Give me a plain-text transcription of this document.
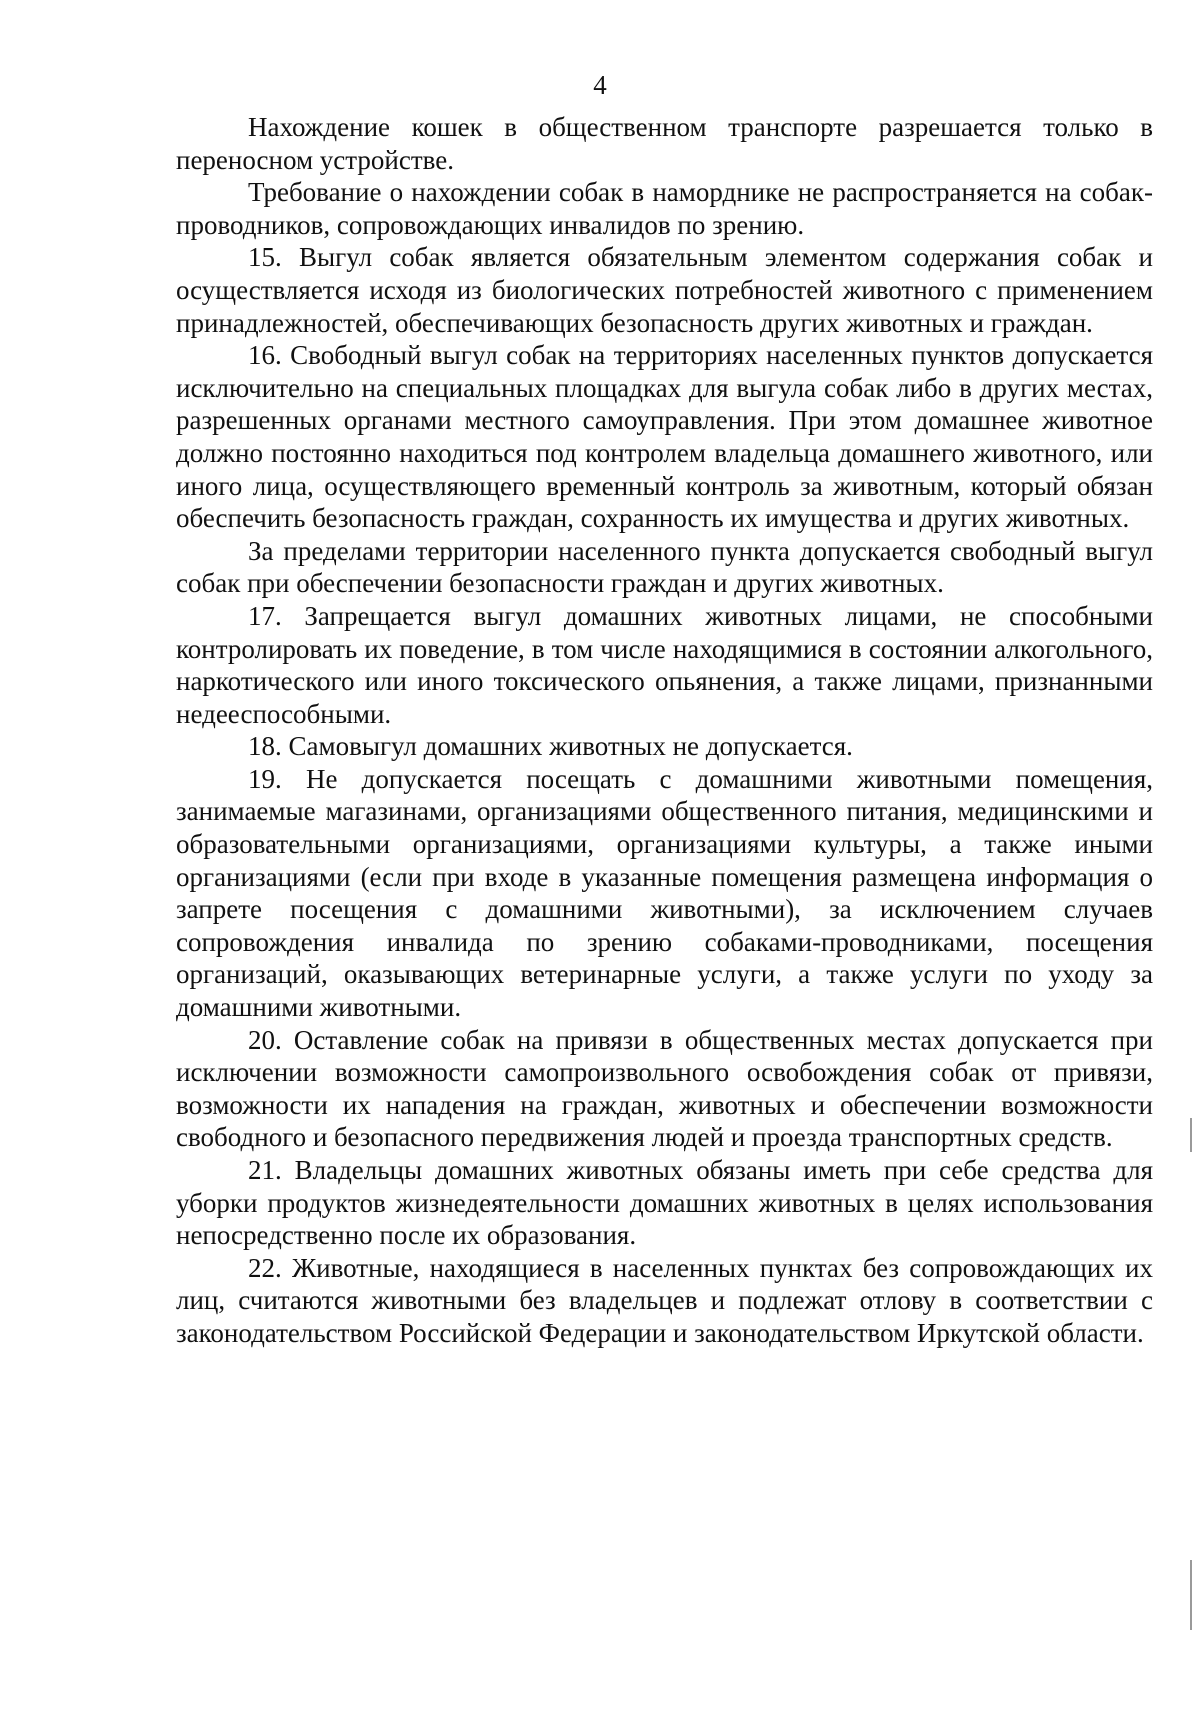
4

Нахождение кошек в общественном транспорте разрешается только в переносном устройстве.

Требование о нахождении собак в наморднике не распространяется на собак-проводников, сопровождающих инвалидов по зрению.

15. Выгул собак является обязательным элементом содержания собак и осуществляется исходя из биологических потребностей животного с применением принадлежностей, обеспечивающих безопасность других животных и граждан.

16. Свободный выгул собак на территориях населенных пунктов допускается исключительно на специальных площадках для выгула собак либо в других местах, разрешенных органами местного самоуправления. При этом домашнее животное должно постоянно находиться под контролем владельца домашнего животного, или иного лица, осуществляющего временный контроль за животным, который обязан обеспечить безопасность граждан, сохранность их имущества и других животных.

За пределами территории населенного пункта допускается свободный выгул собак при обеспечении безопасности граждан и других животных.

17. Запрещается выгул домашних животных лицами, не способными контролировать их поведение, в том числе находящимися в состоянии алкогольного, наркотического или иного токсического опьянения, а также лицами, признанными недееспособными.

18. Самовыгул домашних животных не допускается.

19. Не допускается посещать с домашними животными помещения, занимаемые магазинами, организациями общественного питания, медицинскими и образовательными организациями, организациями культуры, а также иными организациями (если при входе в указанные помещения размещена информация о запрете посещения с домашними животными), за исключением случаев сопровождения инвалида по зрению собаками-проводниками, посещения организаций, оказывающих ветеринарные услуги, а также услуги по уходу за домашними животными.

20. Оставление собак на привязи в общественных местах допускается при исключении возможности самопроизвольного освобождения собак от привязи, возможности их нападения на граждан, животных и обеспечении возможности свободного и безопасного передвижения людей и проезда транспортных средств.

21. Владельцы домашних животных обязаны иметь при себе средства для уборки продуктов жизнедеятельности домашних животных в целях использования непосредственно после их образования.

22. Животные, находящиеся в населенных пунктах без сопровождающих их лиц, считаются животными без владельцев и подлежат отлову в соответствии с законодательством Российской Федерации и законодательством Иркутской области.
